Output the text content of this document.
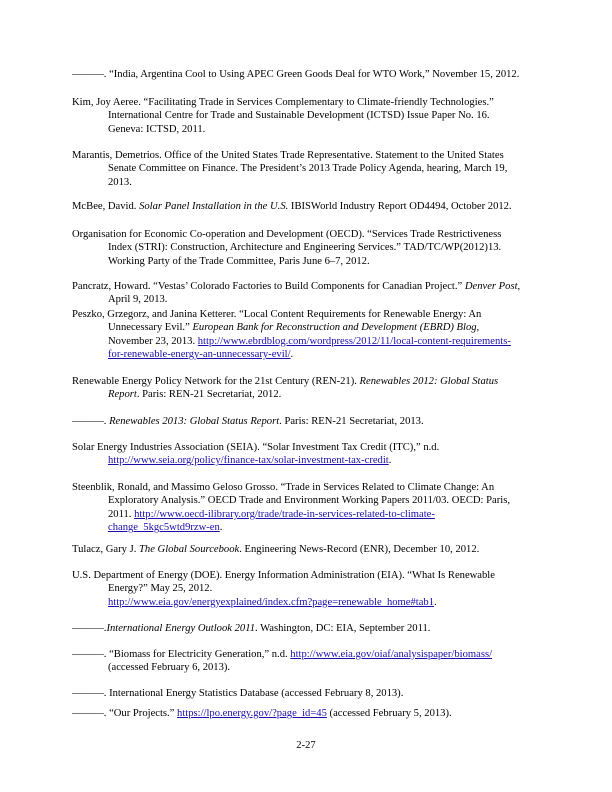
———. “India, Argentina Cool to Using APEC Green Goods Deal for WTO Work,” November 15, 2012.
Kim, Joy Aeree. “Facilitating Trade in Services Complementary to Climate-friendly Technologies.”
International Centre for Trade and Sustainable Development (ICTSD) Issue Paper No. 16.
Geneva: ICTSD, 2011.
Marantis, Demetrios. Office of the United States Trade Representative. Statement to the United States
Senate Committee on Finance. The President’s 2013 Trade Policy Agenda, hearing, March 19,
2013.
McBee, David. Solar Panel Installation in the U.S. IBISWorld Industry Report OD4494, October 2012.
Organisation for Economic Co-operation and Development (OECD). “Services Trade Restrictiveness
Index (STRI): Construction, Architecture and Engineering Services.” TAD/TC/WP(2012)13.
Working Party of the Trade Committee, Paris June 6–7, 2012.
Pancratz, Howard. “Vestas’ Colorado Factories to Build Components for Canadian Project.” Denver Post,
April 9, 2013.
Peszko, Grzegorz, and Janina Ketterer. “Local Content Requirements for Renewable Energy: An
Unnecessary Evil.” European Bank for Reconstruction and Development (EBRD) Blog,
November 23, 2013. http://www.ebrdblog.com/wordpress/2012/11/local-content-requirements-
for-renewable-energy-an-unnecessary-evil/.
Renewable Energy Policy Network for the 21st Century (REN-21). Renewables 2012: Global Status
Report. Paris: REN-21 Secretariat, 2012.
———. Renewables 2013: Global Status Report. Paris: REN-21 Secretariat, 2013.
Solar Energy Industries Association (SEIA). “Solar Investment Tax Credit (ITC),” n.d.
http://www.seia.org/policy/finance-tax/solar-investment-tax-credit.
Steenblik, Ronald, and Massimo Geloso Grosso. “Trade in Services Related to Climate Change: An
Exploratory Analysis.” OECD Trade and Environment Working Papers 2011/03. OECD: Paris,
2011. http://www.oecd-ilibrary.org/trade/trade-in-services-related-to-climate-
change_5kgc5wtd9rzw-en.
Tulacz, Gary J. The Global Sourcebook. Engineering News-Record (ENR), December 10, 2012.
U.S. Department of Energy (DOE). Energy Information Administration (EIA). “What Is Renewable
Energy?” May 25, 2012.
http://www.eia.gov/energyexplained/index.cfm?page=renewable_home#tab1.
———.International Energy Outlook 2011. Washington, DC: EIA, September 2011.
———. “Biomass for Electricity Generation,” n.d. http://www.eia.gov/oiaf/analysispaper/biomass/
(accessed February 6, 2013).
———. International Energy Statistics Database (accessed February 8, 2013).
———. “Our Projects.” https://lpo.energy.gov/?page_id=45 (accessed February 5, 2013).
2-27
